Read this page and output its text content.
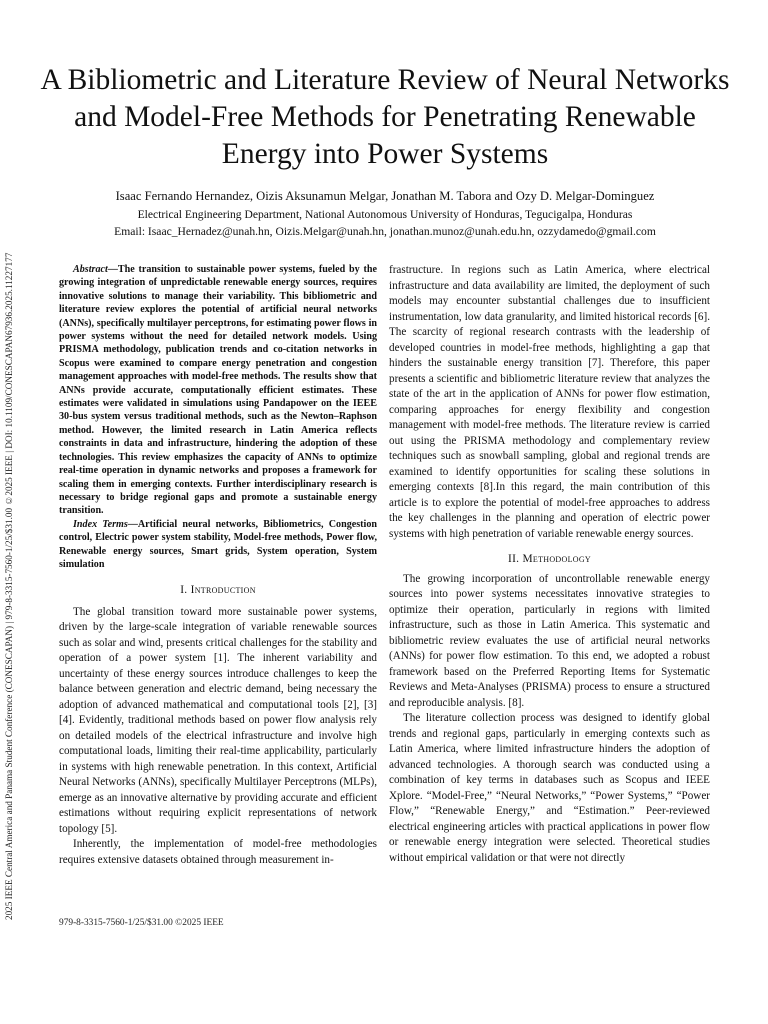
2025 IEEE Central America and Panama Student Conference (CONESCAPAN) | 979-8-3315-7560-1/25/$31.00 ©2025 IEEE | DOI: 10.1109/CONESCAPAN67936.2025.11227177
A Bibliometric and Literature Review of Neural Networks and Model-Free Methods for Penetrating Renewable Energy into Power Systems
Isaac Fernando Hernandez, Oizis Aksunamun Melgar, Jonathan M. Tabora and Ozy D. Melgar-Dominguez
Electrical Engineering Department, National Autonomous University of Honduras, Tegucigalpa, Honduras
Email: Isaac_Hernadez@unah.hn, Oizis.Melgar@unah.hn, jonathan.munoz@unah.edu.hn, ozzydamedo@gmail.com

Abstract—The transition to sustainable power systems, fueled by the growing integration of unpredictable renewable energy sources, requires innovative solutions to manage their variability. This bibliometric and literature review explores the potential of artificial neural networks (ANNs), specifically multilayer perceptrons, for estimating power flows in power systems without the need for detailed network models. Using PRISMA methodology, publication trends and co-citation networks in Scopus were examined to compare energy penetration and congestion management approaches with model-free methods. The results show that ANNs provide accurate, computationally efficient estimates. These estimates were validated in simulations using Pandapower on the IEEE 30-bus system versus traditional methods, such as the Newton–Raphson method. However, the limited research in Latin America reflects constraints in data and infrastructure, hindering the adoption of these technologies. This review emphasizes the capacity of ANNs to optimize real-time operation in dynamic networks and proposes a framework for scaling them in emerging contexts. Further interdisciplinary research is necessary to bridge regional gaps and promote a sustainable energy transition.

Index Terms—Artificial neural networks, Bibliometrics, Congestion control, Electric power system stability, Model-free methods, Power flow, Renewable energy sources, Smart grids, System operation, System simulation

I. Introduction

The global transition toward more sustainable power systems, driven by the large-scale integration of variable renewable sources such as solar and wind, presents critical challenges for the stability and operation of a power system [1]. The inherent variability and uncertainty of these energy sources introduce challenges to keep the balance between generation and electric demand, being necessary the adoption of advanced mathematical and computational tools [2], [3] [4]. Evidently, traditional methods based on power flow analysis rely on detailed models of the electrical infrastructure and involve high computational loads, limiting their real-time applicability, particularly in systems with high renewable penetration. In this context, Artificial Neural Networks (ANNs), specifically Multilayer Perceptrons (MLPs), emerge as an innovative alternative by providing accurate and efficient estimations without requiring explicit representations of network topology [5].

Inherently, the implementation of model-free methodologies requires extensive datasets obtained through measurement in-

frastructure. In regions such as Latin America, where electrical infrastructure and data availability are limited, the deployment of such models may encounter substantial challenges due to insufficient instrumentation, low data granularity, and limited historical records [6]. The scarcity of regional research contrasts with the leadership of developed countries in model-free methods, highlighting a gap that hinders the sustainable energy transition [7]. Therefore, this paper presents a scientific and bibliometric literature review that analyzes the state of the art in the application of ANNs for power flow estimation, comparing approaches for energy flexibility and congestion management with model-free methods. The literature review is carried out using the PRISMA methodology and complementary review techniques such as snowball sampling, global and regional trends are examined to identify opportunities for scaling these solutions in emerging contexts [8].In this regard, the main contribution of this article is to explore the potential of model-free approaches to address the key challenges in the planning and operation of electric power systems with high penetration of variable renewable energy sources.

II. Methodology

The growing incorporation of uncontrollable renewable energy sources into power systems necessitates innovative strategies to optimize their operation, particularly in regions with limited infrastructure, such as those in Latin America. This systematic and bibliometric review evaluates the use of artificial neural networks (ANNs) for power flow estimation. To this end, we adopted a robust framework based on the Preferred Reporting Items for Systematic Reviews and Meta-Analyses (PRISMA) process to ensure a structured and reproducible analysis. [8].

The literature collection process was designed to identify global trends and regional gaps, particularly in emerging contexts such as Latin America, where limited infrastructure hinders the adoption of advanced technologies. A thorough search was conducted using a combination of key terms in databases such as Scopus and IEEE Xplore. “Model-Free,” “Neural Networks,” “Power Systems,” “Power Flow,” “Renewable Energy,” and “Estimation.” Peer-reviewed electrical engineering articles with practical applications in power flow or renewable energy integration were selected. Theoretical studies without empirical validation or that were not directly

979-8-3315-7560-1/25/$31.00 ©2025 IEEE
